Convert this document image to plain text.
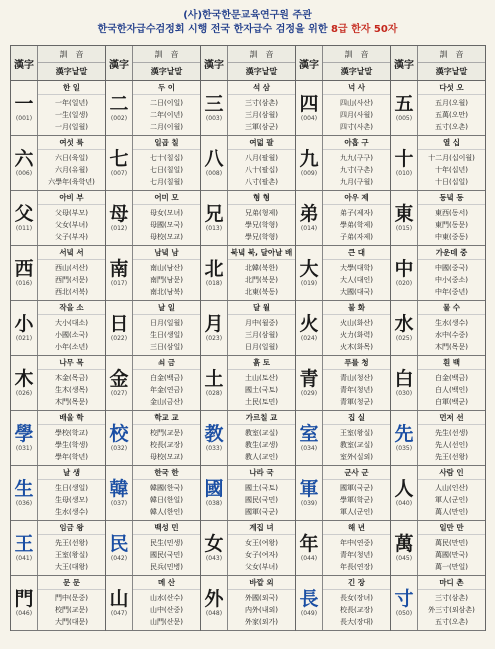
(사)한국한문교육연구원 주관
한국한자급수검정회 시행 전국 한자급수 검정을 위한 8급 한자 50자
漢字
訓　音
漢字낱말
一
(001)
한 일
一年(일년)
一生(일생)
一月(일월)
六
(006)
여섯 륙
六日(육일)
六月(유월)
六學年(육학년)
父
(011)
아비 부
父母(부모)
父女(부녀)
父子(부자)
西
(016)
서녘 서
西山(서산)
西門(서문)
西北(서북)
小
(021)
작을 소
大小(대소)
小國(소국)
小年(소년)
木
(026)
나무 목
木金(목금)
生木(생목)
木門(목문)
學
(031)
배울 학
學校(학교)
學生(학생)
學年(학년)
生
(036)
날 생
生日(생일)
生母(생모)
生水(생수)
王
(041)
임금 왕
先王(선왕)
王室(왕실)
大王(대왕)
門
(046)
문 문
門中(문중)
校門(교문)
大門(대문)
漢字
訓　音
漢字낱말
二
(002)
두 이
二日(이일)
二年(이년)
二月(이월)
七
(007)
일곱 칠
七十(칠십)
七日(칠일)
七月(칠월)
母
(012)
어미 모
母女(모녀)
母國(모국)
母校(모교)
南
(017)
남녘 남
南山(남산)
南門(남문)
南北(남북)
日
(022)
날 일
日月(일월)
生日(생일)
三日(삼일)
金
(027)
쇠 금
白金(백금)
年金(연금)
金山(금산)
校
(032)
학교 교
校門(교문)
校長(교장)
母校(모교)
韓
(037)
한국 한
韓國(한국)
韓日(한일)
韓人(한인)
民
(042)
백성 민
民生(민생)
國民(국민)
民兵(민병)
山
(047)
메 산
山水(산수)
山中(산중)
山門(산문)
漢字
訓　音
漢字낱말
三
(003)
석 삼
三寸(삼촌)
三月(삼월)
三軍(삼군)
八
(008)
여덟 팔
八月(팔월)
八十(팔십)
八寸(팔촌)
兄
(013)
형 형
兄弟(형제)
學兄(학형)
學兄(학형)
北
(018)
북녘 북, 달아날 배
北韓(북한)
北門(북문)
北東(북동)
月
(023)
달 월
月中(월중)
三月(삼월)
日月(일월)
土
(028)
흙 토
土山(토산)
國土(국토)
土民(토민)
教
(033)
가르칠 교
教室(교실)
教生(교생)
教人(교인)
國
(038)
나라 국
國土(국토)
國民(국민)
國軍(국군)
女
(043)
계집 녀
女王(여왕)
女子(여자)
父女(부녀)
外
(048)
바깥 외
外國(외국)
内外(내외)
外家(외가)
漢字
訓　音
漢字낱말
四
(004)
넉 사
四山(사산)
四月(사월)
四寸(사촌)
九
(009)
아홉 구
九九(구구)
九寸(구촌)
九月(구월)
弟
(014)
아우 제
弟子(제자)
學弟(학제)
子弟(자제)
大
(019)
큰 대
大學(대학)
大人(대인)
大國(대국)
火
(024)
불 화
火山(화산)
火力(화력)
火木(화목)
青
(029)
푸를 청
青山(청산)
青年(청년)
青軍(청군)
室
(034)
집 실
王室(왕실)
教室(교실)
室外(실외)
軍
(039)
군사 군
國軍(국군)
學軍(학군)
軍人(군인)
年
(044)
해 년
年中(연중)
青年(청년)
年長(연장)
長
(049)
긴 장
長女(장녀)
校長(교장)
長大(장대)
漢字
訓　音
漢字낱말
五
(005)
다섯 오
五月(오월)
五萬(오만)
五寸(오촌)
十
(010)
열 십
十二月(십이월)
十年(십년)
十日(십일)
東
(015)
동녘 동
東西(동서)
東門(동문)
中東(중동)
中
(020)
가운데 중
中國(중국)
中小(중소)
中年(중년)
水
(025)
물 수
生水(생수)
水中(수중)
木門(목문)
白
(030)
흰 백
白金(백금)
白人(백인)
白軍(백군)
先
(035)
먼저 선
先生(선생)
先人(선인)
先王(선왕)
人
(040)
사람 인
人山(인산)
軍人(군인)
萬人(만인)
萬
(045)
일만 만
萬民(만민)
萬國(만국)
萬一(만일)
寸
(050)
마디 촌
三寸(삼촌)
外三寸(외삼촌)
五寸(오촌)
